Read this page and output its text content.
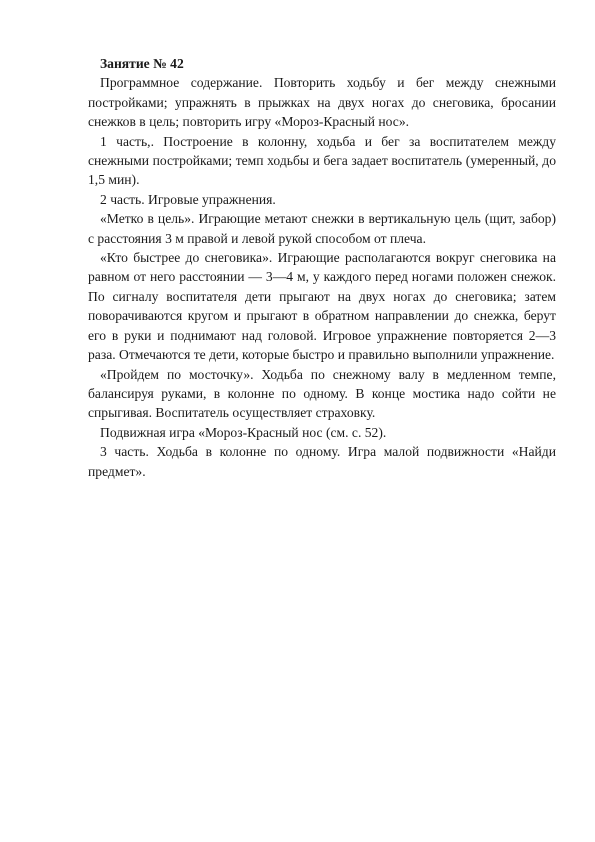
Занятие № 42

Программное содержание. Повторить ходьбу и бег между снежными постройками; упражнять в прыжках на двух ногах до снеговика, бросании снежков в цель; повторить игру «Мороз-Красный нос».

1 часть,. Построение в колонну, ходьба и бег за воспитателем между снежными постройками; темп ходьбы и бега задает воспитатель (умеренный, до 1,5 мин).

2 часть. Игровые упражнения.

«Метко в цель». Играющие метают снежки в вертикальную цель (щит, забор) с расстояния 3 м правой и левой рукой способом от плеча.

«Кто быстрее до снеговика». Играющие располагаются вокруг снеговика на равном от него расстоянии — 3—4 м, у каждого перед ногами положен снежок. По сигналу воспитателя дети прыгают на двух ногах до снеговика; затем поворачиваются кругом и прыгают в обратном направлении до снежка, берут его в руки и поднимают над головой. Игровое упражнение повторяется 2—3 раза. Отмечаются те дети, которые быстро и правильно выполнили упражнение.

«Пройдем по мосточку». Ходьба по снежному валу в медленном темпе, балансируя руками, в колонне по одному. В конце мостика надо сойти не спрыгивая. Воспитатель осуществляет страховку.

Подвижная игра «Мороз-Красный нос (см. с. 52).

3 часть. Ходьба в колонне по одному. Игра малой подвижности «Найди предмет».
